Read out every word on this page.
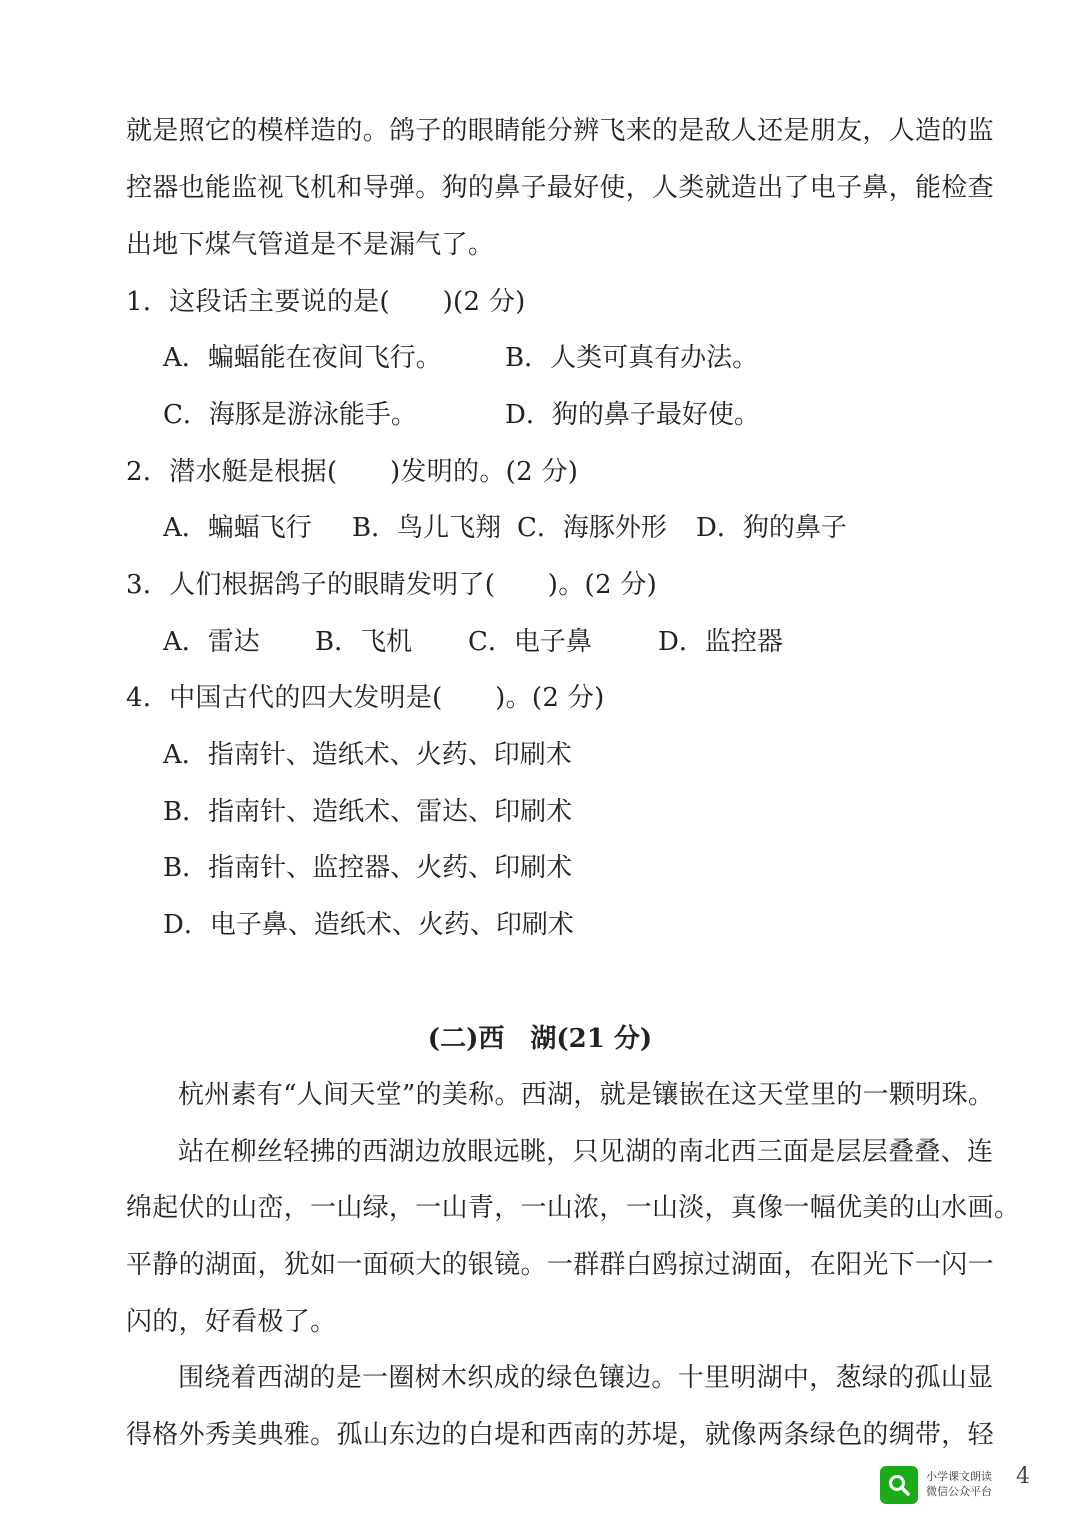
就是照它的模样造的。鸽子的眼睛能分辨飞来的是敌人还是朋友，人造的监
控器也能监视飞机和导弹。狗的鼻子最好使，人类就造出了电子鼻，能检查
出地下煤气管道是不是漏气了。
1．这段话主要说的是(　　)(2 分)
A．蝙蝠能在夜间飞行。 B．人类可真有办法。
C．海豚是游泳能手。	D．狗的鼻子最好使。
2．潜水艇是根据(　　)发明的。(2 分)
A．蝙蝠飞行 B．鸟儿飞翔 C．海豚外形 D．狗的鼻子
3．人们根据鸽子的眼睛发明了(　　)。(2 分)
A．雷达 B．飞机 C．电子鼻	D．监控器
4．中国古代的四大发明是(　　)。(2 分)
A．指南针、造纸术、火药、印刷术
B．指南针、造纸术、雷达、印刷术
B．指南针、监控器、火药、印刷术
D．电子鼻、造纸术、火药、印刷术
(二)西　湖(21 分)
杭州素有“人间天堂”的美称。西湖，就是镶嵌在这天堂里的一颗明珠。
站在柳丝轻拂的西湖边放眼远眺，只见湖的南北西三面是层层叠叠、连
绵起伏的山峦，一山绿，一山青，一山浓，一山淡，真像一幅优美的山水画。
平静的湖面，犹如一面硕大的银镜。一群群白鸥掠过湖面，在阳光下一闪一
闪的，好看极了。
围绕着西湖的是一圈树木织成的绿色镶边。十里明湖中，葱绿的孤山显
得格外秀美典雅。孤山东边的白堤和西南的苏堤，就像两条绿色的绸带，轻
小学课文朗读
微信公众平台
4
